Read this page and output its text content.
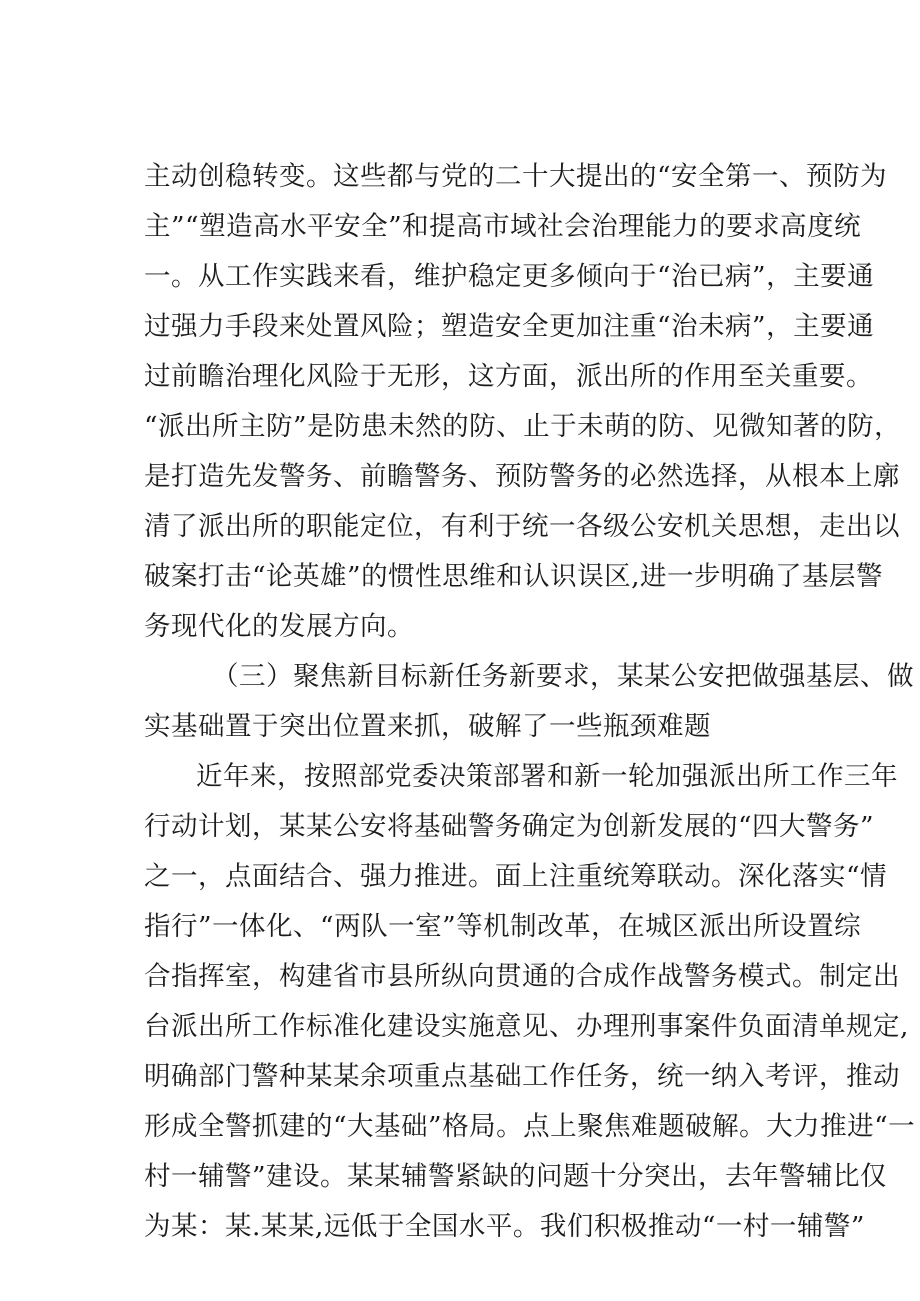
主动创稳转变。这些都与党的二十大提出的“安全第一、预防为
主”“塑造高水平安全”和提高市域社会治理能力的要求高度统
一。从工作实践来看，维护稳定更多倾向于“治已病”，主要通
过强力手段来处置风险；塑造安全更加注重“治未病”，主要通
过前瞻治理化风险于无形，这方面，派出所的作用至关重要。
“派出所主防”是防患未然的防、止于未萌的防、见微知著的防，
是打造先发警务、前瞻警务、预防警务的必然选择，从根本上廓
清了派出所的职能定位，有利于统一各级公安机关思想，走出以
破案打击“论英雄”的惯性思维和认识误区,进一步明确了基层警
务现代化的发展方向。
（三）聚焦新目标新任务新要求，某某公安把做强基层、做
实基础置于突出位置来抓，破解了一些瓶颈难题
近年来，按照部党委决策部署和新一轮加强派出所工作三年
行动计划，某某公安将基础警务确定为创新发展的“四大警务”
之一，点面结合、强力推进。面上注重统筹联动。深化落实“情
指行”一体化、“两队一室”等机制改革，在城区派出所设置综
合指挥室，构建省市县所纵向贯通的合成作战警务模式。制定出
台派出所工作标准化建设实施意见、办理刑事案件负面清单规定,
明确部门警种某某余项重点基础工作任务，统一纳入考评，推动
形成全警抓建的“大基础”格局。点上聚焦难题破解。大力推进“一
村一辅警”建设。某某辅警紧缺的问题十分突出，去年警辅比仅
为某：某.某某,远低于全国水平。我们积极推动“一村一辅警”
